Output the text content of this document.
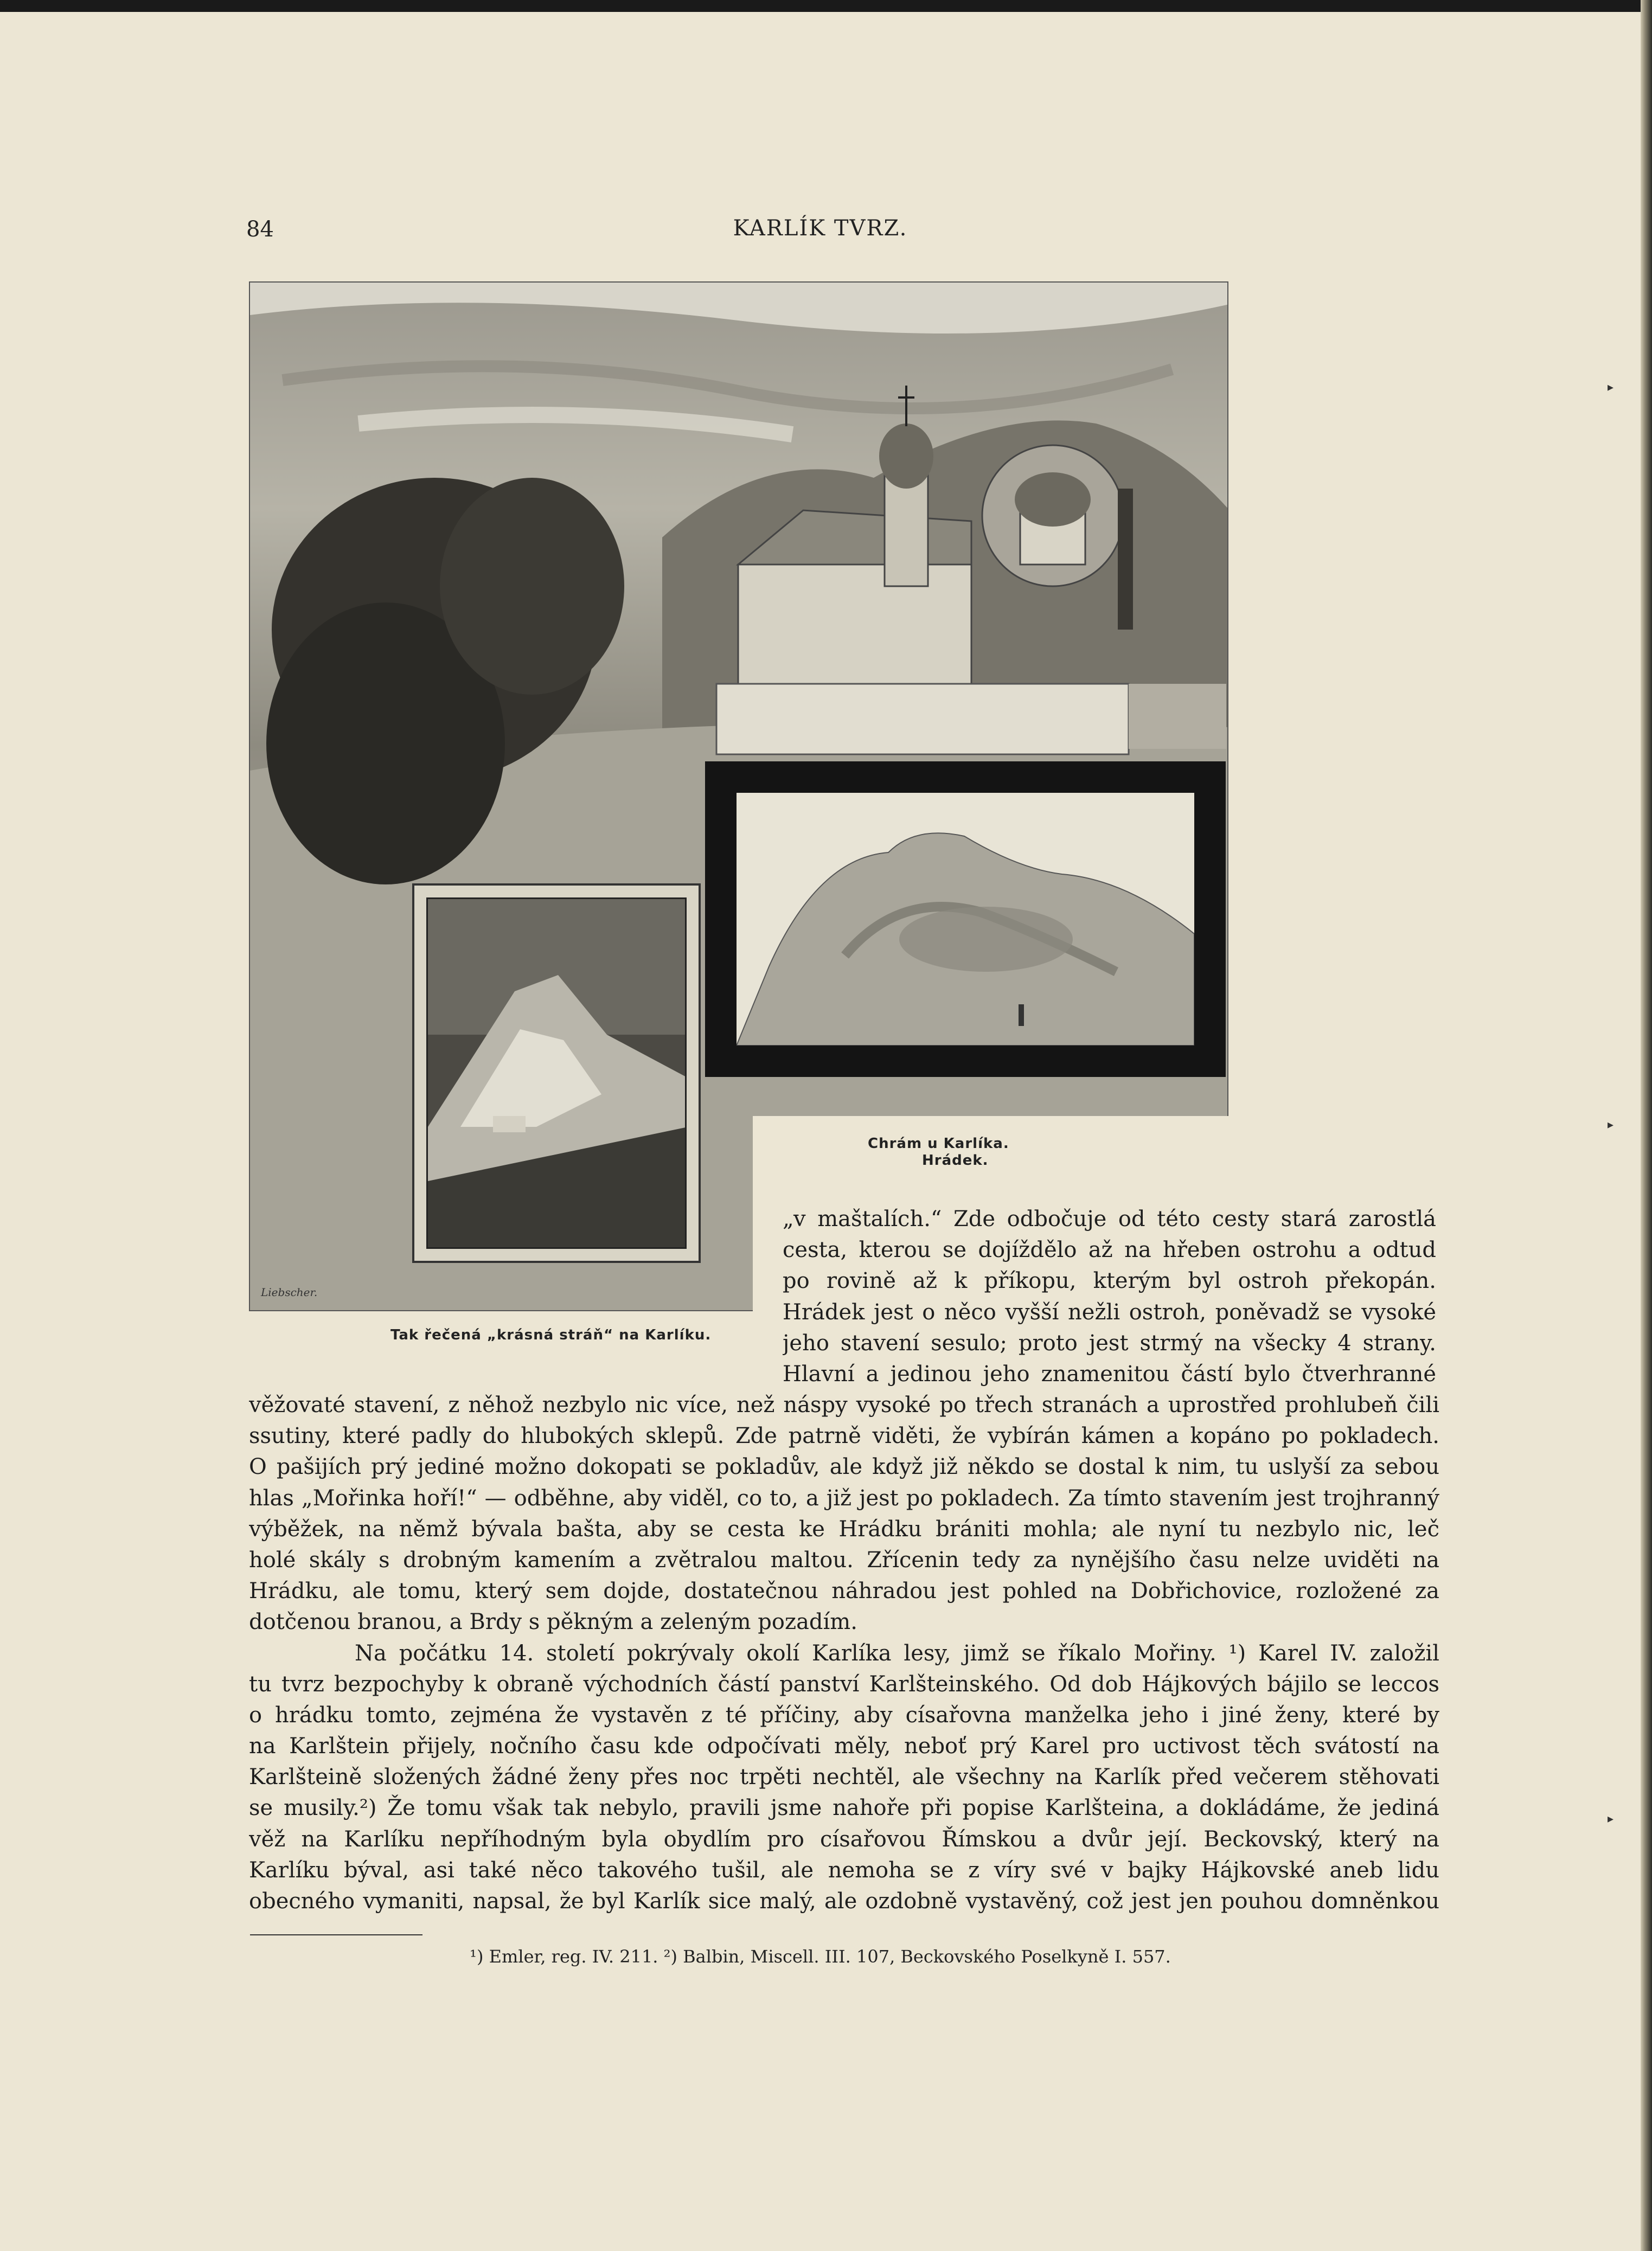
84	KARLÍK TVRZ.
Liebscher.
Chrám u Karlíka.
Hrádek.
Tak řečená „krásná stráň“ na Karlíku.
„v maštalích.“ Zde odbočuje od této cesty stará zarostlá
cesta, kterou se dojíždělo až na hřeben ostrohu a odtud
po rovině až k příkopu, kterým byl ostroh překopán.
Hrádek jest o něco vyšší nežli ostroh, poněvadž se vysoké
jeho stavení sesulo; proto jest strmý na všecky 4 strany.
Hlavní a jedinou jeho znamenitou částí bylo čtverhranné
věžovaté stavení, z něhož nezbylo nic více, než náspy vysoké po třech stranách a uprostřed prohlubeň čili
ssutiny, které padly do hlubokých sklepů. Zde patrně viděti, že vybírán kámen a kopáno po pokladech.
O pašijích prý jediné možno dokopati se pokladův, ale když již někdo se dostal k nim, tu uslyší za sebou
hlas „Mořinka hoří!“ — odběhne, aby viděl, co to, a již jest po pokladech. Za tímto stavením jest trojhranný
výběžek, na němž bývala bašta, aby se cesta ke Hrádku brániti mohla; ale nyní tu nezbylo nic, leč
holé skály s drobným kamením a zvětralou maltou. Zřícenin tedy za nynějšího času nelze uviděti na
Hrádku, ale tomu, který sem dojde, dostatečnou náhradou jest pohled na Dobřichovice, rozložené za
dotčenou branou, a Brdy s pěkným a zeleným pozadím.
Na počátku 14. století pokrývaly okolí Karlíka lesy, jimž se říkalo Mořiny. ¹) Karel IV. založil
tu tvrz bezpochyby k obraně východních částí panství Karlšteinského. Od dob Hájkových bájilo se leccos
o hrádku tomto, zejména že vystavěn z té příčiny, aby císařovna manželka jeho i jiné ženy, které by
na Karlštein přijely, nočního času kde odpočívati měly, neboť prý Karel pro uctivost těch svátostí na
Karlšteině složených žádné ženy přes noc trpěti nechtěl, ale všechny na Karlík před večerem stěhovati
se musily.²) Že tomu však tak nebylo, pravili jsme nahoře při popise Karlšteina, a dokládáme, že jediná
věž na Karlíku nepříhodným byla obydlím pro císařovou Římskou a dvůr její. Beckovský, který na
Karlíku býval, asi také něco takového tušil, ale nemoha se z víry své v bajky Hájkovské aneb lidu
obecného vymaniti, napsal, že byl Karlík sice malý, ale ozdobně vystavěný, což jest jen pouhou domněnkou
¹) Emler, reg. IV. 211. ²) Balbin, Miscell. III. 107, Beckovského Poselkyně I. 557.
▸
▸
▸
